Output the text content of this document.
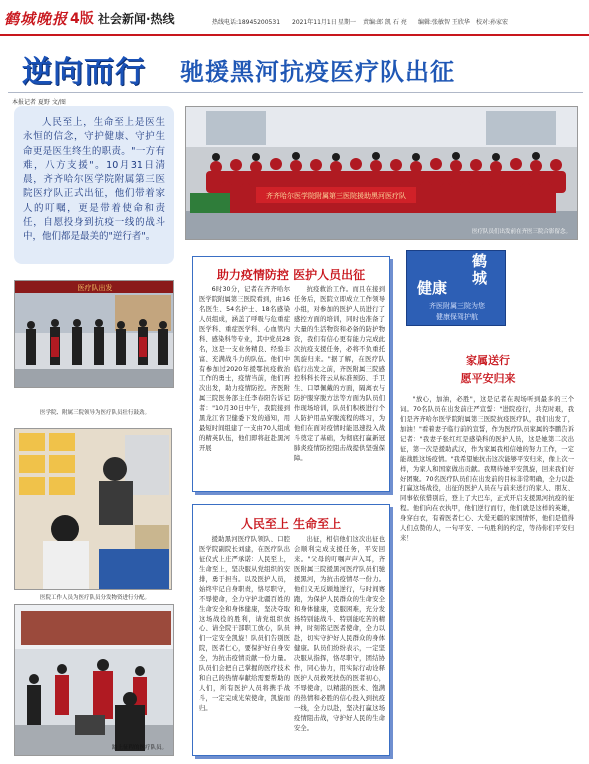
鹤城晚报 4版 社会新闻·热线	热线电话:18945200531 2021年11月1日 星期一 责编:郎 凯 石 亮 编辑:张敏智 王欣华 校对:孙家宏
逆向而行 驰援黑河抗疫医疗队出征
本报记者 夏野 文/图

人民至上，生命至上是医生永恒的信念，守护健康、守护生命更是医生终生的职责。"一方有难，八方支援"。10月31日清晨，齐齐哈尔医学院附属第三医院医疗队正式出征，他们带着家人的叮嘱，更是带着使命和责任，自愿投身到抗疫一线的战斗中，他们都是最美的"逆行者"。

齐齐哈尔医学院附属第三医院援助黑河医疗队
医疗队员们出发前在齐医三院合影留念。
医疗队出发
医学院、附属三院领导为医疗队员壮行鼓劲。
医院工作人员为医疗队员分发物资进行分配。
踏上征程的医疗队员。
助力疫情防控 医护人员出征
6时30分，记者在齐齐哈尔医学院附属第三医院看到，由16名医生、54名护士、18名感染人员组成，涵盖了呼吸与危重症医学科、重症医学科、心血管内科、感染科等专业，其中党员28名，这是一支业务精良、经验丰富、充满战斗力的队伍。他们中有参加过2020年援鄂抗疫救治工作的勇士，疫情当前，他们再次出发，助力疫情防控。齐医附属三院医务部主任李春阳告诉记者："10月30日中午，我院接到黑龙江省卫健委下发的通知，用最短时间组建了一支由70人组成的精英队伍，他们即将赶赴黑河开展
抗疫救治工作。而且在接到任务后，医院立即成立工作领导小组，对参加的医护人员进行了感控方面的培训，同时也准备了大量的生活物资和必备的防护物资，我们有信心更有能力完成此次抗疫支援任务，必将不负重托凯旋归来。"据了解，在医疗队临行出发之前，齐医附属三院感控科科长符云从标准预防、手卫生、口罩佩戴的方面，隔离衣与防护服穿脱方法等方面为队员们作现场培训，队员们积极进行个人防护用品穿脱流程的练习，为他们在面对疫情时能迅速投入战斗奠定了基础，为彻底打赢新冠肺炎疫情防控阻击战提供坚强保障。
人民至上 生命至上
援助黑河医疗队领队、口腔医学院副院长刘建，在医疗队出征仪式上庄严承诺：人民至上，生命至上，坚决服从党组织的安排，勇于担当。以及医护人员，始终牢记自身职责，恪尽职守，不辱使命，全力守护北疆百姓的生命安全和身体健康，坚决夺取这场战役的胜利，请党组织放心、请全院干部职工放心，队员们一定安全凯旋！队员们告别医院，医者仁心，要保护好自身安全，为抗击疫情贡献一份力量。队员们会把自己掌握的医疗技术和自己的热情奉献给需要帮助的人们，所有医护人员将携手战斗，一定完成光荣使命，凯旋而归。
出征，相信他们这次出征也会顺利完成支援任务，平安回来。"父母的叮嘱声声入耳，齐医附属三院援黑河医疗队员们驰援黑河，为抗击疫情尽一份力。他们义无反顾地逆行，与时间赛跑，为保护人民群众的生命安全和身体健康，克服困难，充分发扬特别能战斗、特别能吃苦的精神，时刻铭记医者使命，全力以赴，切实守护好人民群众的身体健康。队员们纷纷表示，一定坚决服从指挥，恪尽职守，团结协作，同心协力，用实际行动诠释医护人员救死扶伤的医者初心，不辱使命，以精湛的医术、饱满的热情和必胜的信心投入到抗疫一线，全力以赴，坚决打赢这场疫情阻击战，守护好人民的生命安全。
健康
鹤城
齐医附属三院为您
健康保驾护航
家属送行
愿平安归来
"放心，加油，必胜"，这是记者在现场听到最多的三个词。70名队员在出发前庄严宣誓："进院疫行，共克时艰，我们是齐齐哈尔医学院附属第三医院抗疫医疗队，我们出发了，加油！"看着妻子临行前的宣誓，作为医疗队员家属的李鹏告诉记者："我妻子张红红是感染科的医护人员，这是她第二次出征，第一次是援助武汉，作为家属我相信她的努力工作，一定能战胜这场疫情。"我希望她抗击这次能够平安归来，像上次一样，为家人和国家做出贡献。我期待她平安凯旋，回来我们好好团聚。70名医疗队员们在出发前的目标非常明确，全力以赴打赢这场战役，出征的医护人员在与前来送行的家人、朋友、同事依依惜别后，登上了大巴车，正式开启支援黑河抗疫的征程。他们向在衣执甲，他们逆行而行，他们就是这样的英雄，身穿白衣，有着医者仁心、大爱无疆的家国情怀，他们是值得人们点赞的人，一句平安、一句胜利的约定，等待你们平安归来！
